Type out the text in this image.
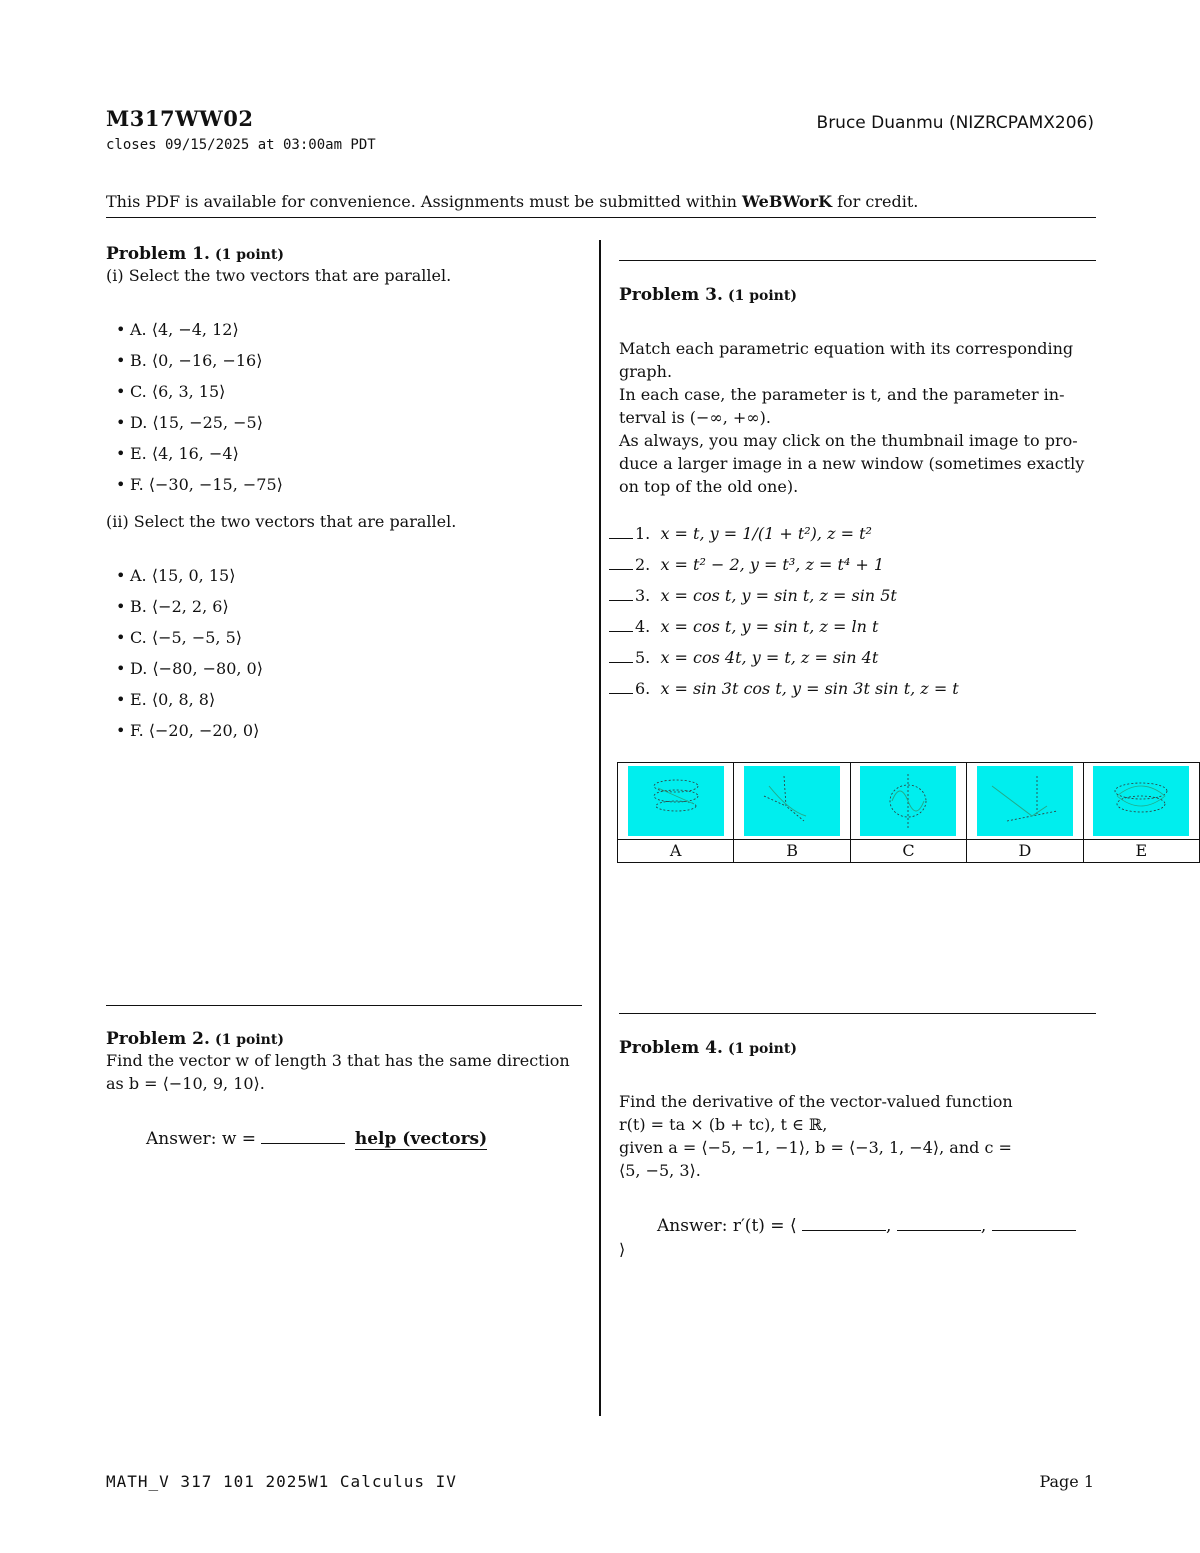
M317WW02
closes 09/15/2025 at 03:00am PDT
Bruce Duanmu (NIZRCPAMX206)
This PDF is available for convenience. Assignments must be submitted within WeBWorK for credit.
Problem 1. (1 point)
(i) Select the two vectors that are parallel.
• A. ⟨4, −4, 12⟩
• B. ⟨0, −16, −16⟩
• C. ⟨6, 3, 15⟩
• D. ⟨15, −25, −5⟩
• E. ⟨4, 16, −4⟩
• F. ⟨−30, −15, −75⟩
(ii) Select the two vectors that are parallel.
• A. ⟨15, 0, 15⟩
• B. ⟨−2, 2, 6⟩
• C. ⟨−5, −5, 5⟩
• D. ⟨−80, −80, 0⟩
• E. ⟨0, 8, 8⟩
• F. ⟨−20, −20, 0⟩
Problem 2. (1 point)
Find the vector w of length 3 that has the same direction
as b = ⟨−10, 9, 10⟩.
Answer: w =	help (vectors)
Problem 3. (1 point)
Match each parametric equation with its corresponding
graph.
In each case, the parameter is t, and the parameter in-
terval is (−∞, +∞).
As always, you may click on the thumbnail image to pro-
duce a larger image in a new window (sometimes exactly
on top of the old one).
1. x = t, y = 1/(1 + t²), z = t²
2. x = t² − 2, y = t³, z = t⁴ + 1
3. x = cos t, y = sin t, z = sin 5t
4. x = cos t, y = sin t, z = ln t
5. x = cos 4t, y = t, z = sin 4t
6. x = sin 3t cos t, y = sin 3t sin t, z = t

A	B	C	D	E
Problem 4. (1 point)
Find the derivative of the vector-valued function
r(t) = ta × (b + tc), t ∈ ℝ,
given a = ⟨−5, −1, −1⟩, b = ⟨−3, 1, −4⟩, and c =
⟨5, −5, 3⟩.
Answer: r′(t) = ⟨	,	,
⟩
MATH_V 317 101 2025W1 Calculus IV	Page 1
